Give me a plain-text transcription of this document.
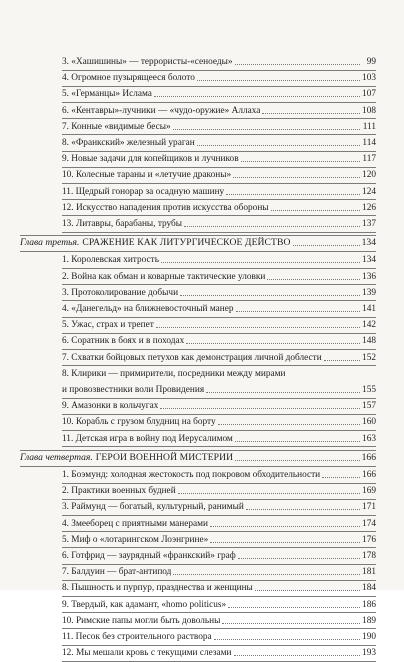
3. «Хашишины» — террористы-«сеноеды»	99
4. Огромное пузырящееся болото	103
5. «Германцы» Ислама	107
6. «Кентавры»-лучники — «чудо-оружие» Аллаха	108
7. Конные «видимые бесы»	111
8. «Франкский» железный ураган	114
9. Новые задачи для копейщиков и лучников	117
10. Колесные тараны и «летучие драконы»	120
11. Щедрый гонорар за осадную машину	124
12. Искусство нападения против искусства обороны	126
13. Литавры, барабаны, трубы	137
Глава третья. СРАЖЕНИЕ КАК ЛИТУРГИЧЕСКОЕ ДЕЙСТВО	134
1. Королевская хитрость	134
2. Война как обман и коварные тактические уловки	136
3. Протоколирование добычи	139
4. «Данегельд» на ближневосточный манер	141
5. Ужас, страх и трепет	142
6. Соратник в боях и в походах	148
7. Схватки бойцовых петухов как демонстрация личной доблести	152
8. Клирики — примирители, посредники между мирами
и провозвестники воли Провидения	155
9. Амазонки в кольчугах	157
10. Корабль с грузом блудниц на борту	160
11. Детская игра в войну под Иерусалимом	163
Глава четвертая. ГЕРОИ ВОЕННОЙ МИСТЕРИИ	166
1. Боэмунд: холодная жестокость под покровом обходительности	166
2. Практики военных будней	169
3. Раймунд — богатый, культурный, ранимый	171
4. Змееборец с приятными манерами	174
5. Миф о «лотарингском Лоэнгрине»	176
6. Готфрид — заурядный «франкский» граф	178
7. Балдуин — брат-антипод	181
8. Пышность и пурпур, празднества и женщины	184
9. Твердый, как адамант, «homo politicus»	186
10. Римские папы могли быть довольны	189
11. Песок без строительного раствора	190
12. Мы мешали кровь с текущими слезами	193
